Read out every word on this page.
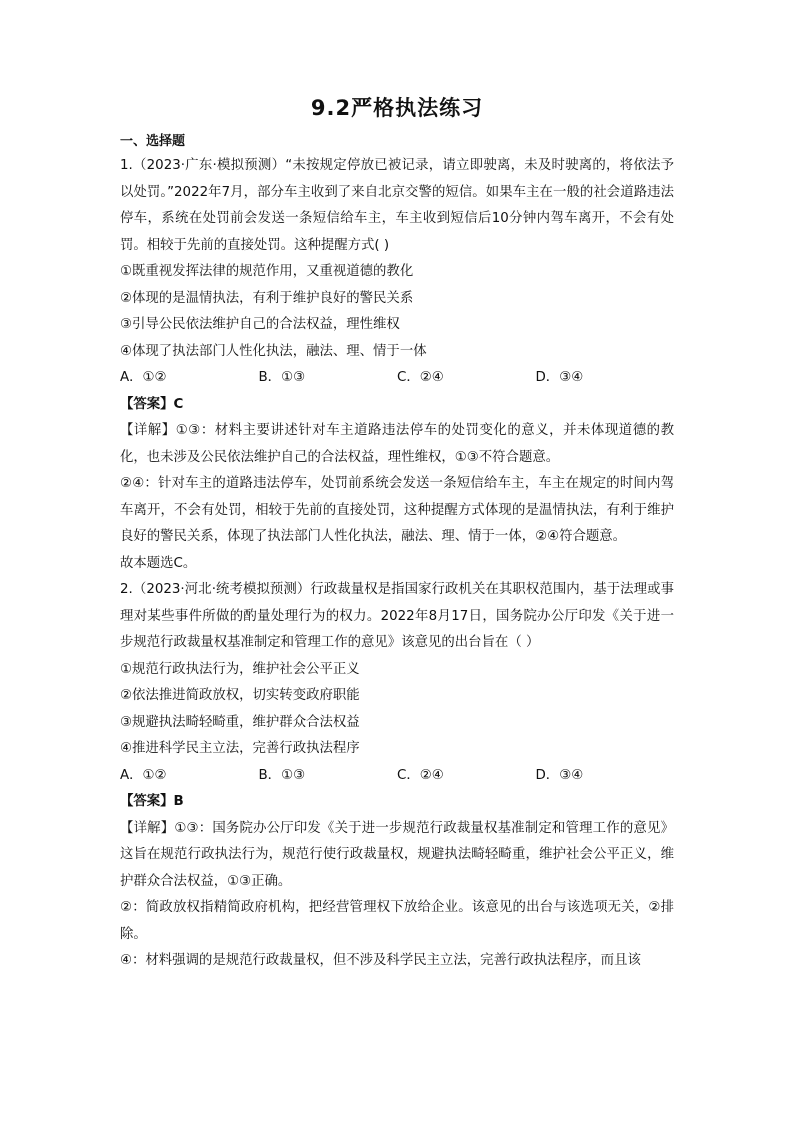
9.2严格执法练习
一、选择题

1.（2023·广东·模拟预测）“未按规定停放已被记录，请立即驶离，未及时驶离的，将依法予以处罚。”2022年7月，部分车主收到了来自北京交警的短信。如果车主在一般的社会道路违法停车，系统在处罚前会发送一条短信给车主，车主收到短信后10分钟内驾车离开，不会有处罚。相较于先前的直接处罚。这种提醒方式( )

①既重视发挥法律的规范作用，又重视道德的教化

②体现的是温情执法，有利于维护良好的警民关系

③引导公民依法维护自己的合法权益，理性维权

④体现了执法部门人性化执法，融法、理、情于一体

A．①②	B．①③	C．②④	D．③④

【答案】C

【详解】①③：材料主要讲述针对车主道路违法停车的处罚变化的意义，并未体现道德的教化，也未涉及公民依法维护自己的合法权益，理性维权，①③不符合题意。

②④：针对车主的道路违法停车，处罚前系统会发送一条短信给车主，车主在规定的时间内驾车离开，不会有处罚，相较于先前的直接处罚，这种提醒方式体现的是温情执法，有利于维护良好的警民关系，体现了执法部门人性化执法，融法、理、情于一体，②④符合题意。

故本题选C。

2.（2023·河北·统考模拟预测）行政裁量权是指国家行政机关在其职权范围内，基于法理或事理对某些事件所做的酌量处理行为的权力。2022年8月17日，国务院办公厅印发《关于进一步规范行政裁量权基准制定和管理工作的意见》该意见的出台旨在（ ）

①规范行政执法行为，维护社会公平正义

②依法推进简政放权，切实转变政府职能

③规避执法畸轻畸重，维护群众合法权益

④推进科学民主立法，完善行政执法程序

A．①②	B．①③	C．②④	D．③④

【答案】B

【详解】①③：国务院办公厅印发《关于进一步规范行政裁量权基准制定和管理工作的意见》这旨在规范行政执法行为，规范行使行政裁量权，规避执法畸轻畸重，维护社会公平正义，维护群众合法权益，①③正确。

②：简政放权指精简政府机构，把经营管理权下放给企业。该意见的出台与该选项无关，②排除。

④：材料强调的是规范行政裁量权，但不涉及科学民主立法，完善行政执法程序，而且该
